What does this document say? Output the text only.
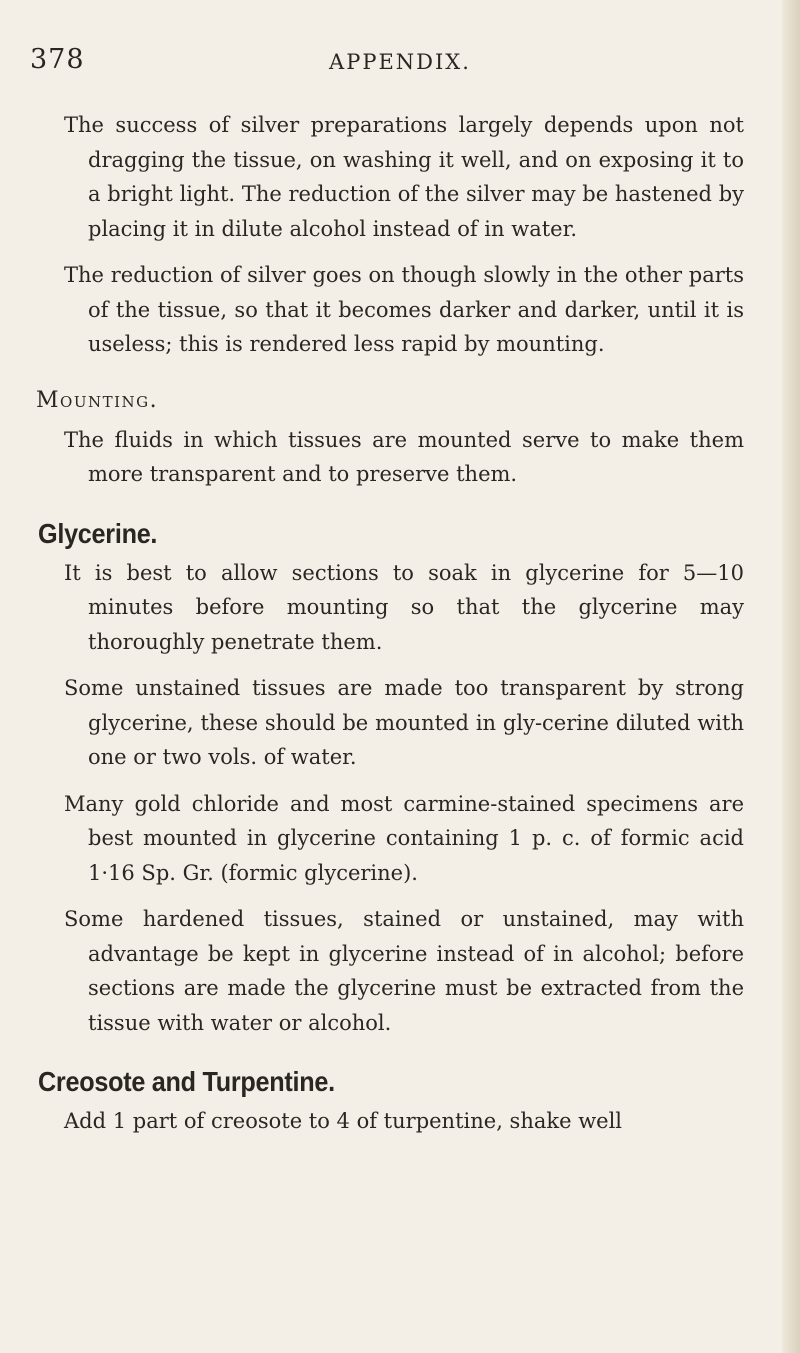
378	APPENDIX.

The success of silver preparations largely depends upon not dragging the tissue, on washing it well, and on exposing it to a bright light. The reduction of the silver may be hastened by placing it in dilute alcohol instead of in water.

The reduction of silver goes on though slowly in the other parts of the tissue, so that it becomes darker and darker, until it is useless; this is rendered less rapid by mounting.

Mounting.

The fluids in which tissues are mounted serve to make them more transparent and to preserve them.

Glycerine.

It is best to allow sections to soak in glycerine for 5—10 minutes before mounting so that the glycerine may thoroughly penetrate them.

Some unstained tissues are made too transparent by strong glycerine, these should be mounted in gly-cerine diluted with one or two vols. of water.

Many gold chloride and most carmine-stained specimens are best mounted in glycerine containing 1 p. c. of formic acid 1·16 Sp. Gr. (formic glycerine).

Some hardened tissues, stained or unstained, may with advantage be kept in glycerine instead of in alcohol; before sections are made the glycerine must be extracted from the tissue with water or alcohol.

Creosote and Turpentine.

Add 1 part of creosote to 4 of turpentine, shake well
